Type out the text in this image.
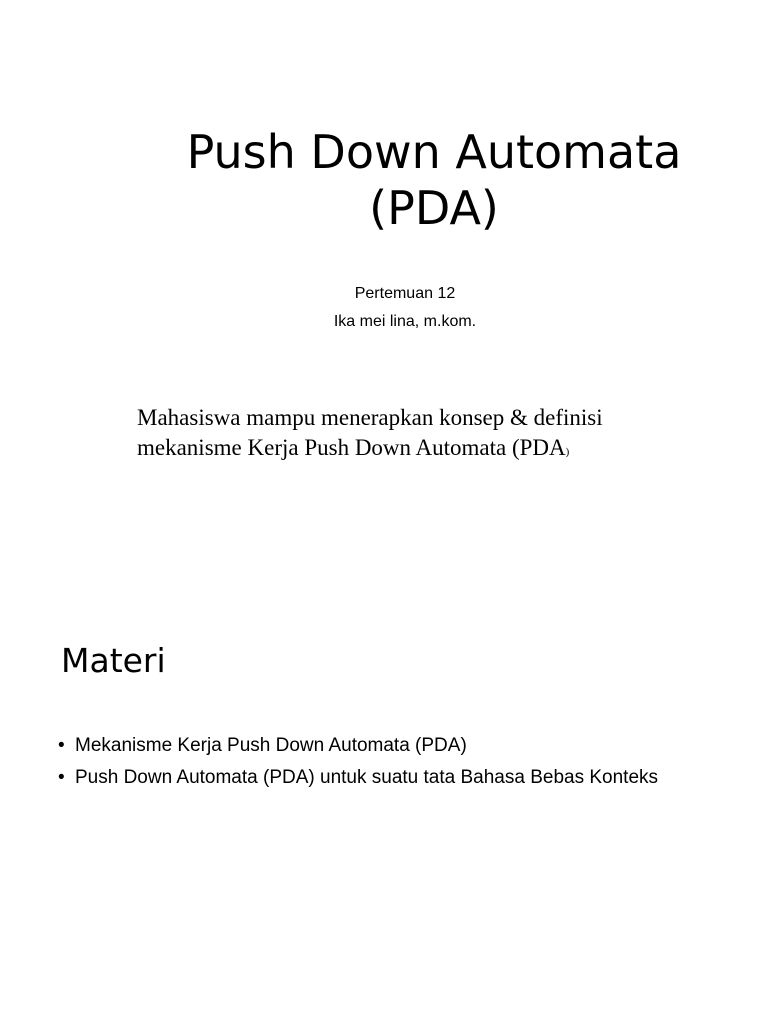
Push Down Automata
(PDA)
Pertemuan 12
Ika mei lina, m.kom.
Mahasiswa mampu menerapkan konsep & definisi
mekanisme Kerja Push Down Automata (PDA)
Materi
• Mekanisme Kerja Push Down Automata (PDA)
• Push Down Automata (PDA) untuk suatu tata Bahasa Bebas Konteks
